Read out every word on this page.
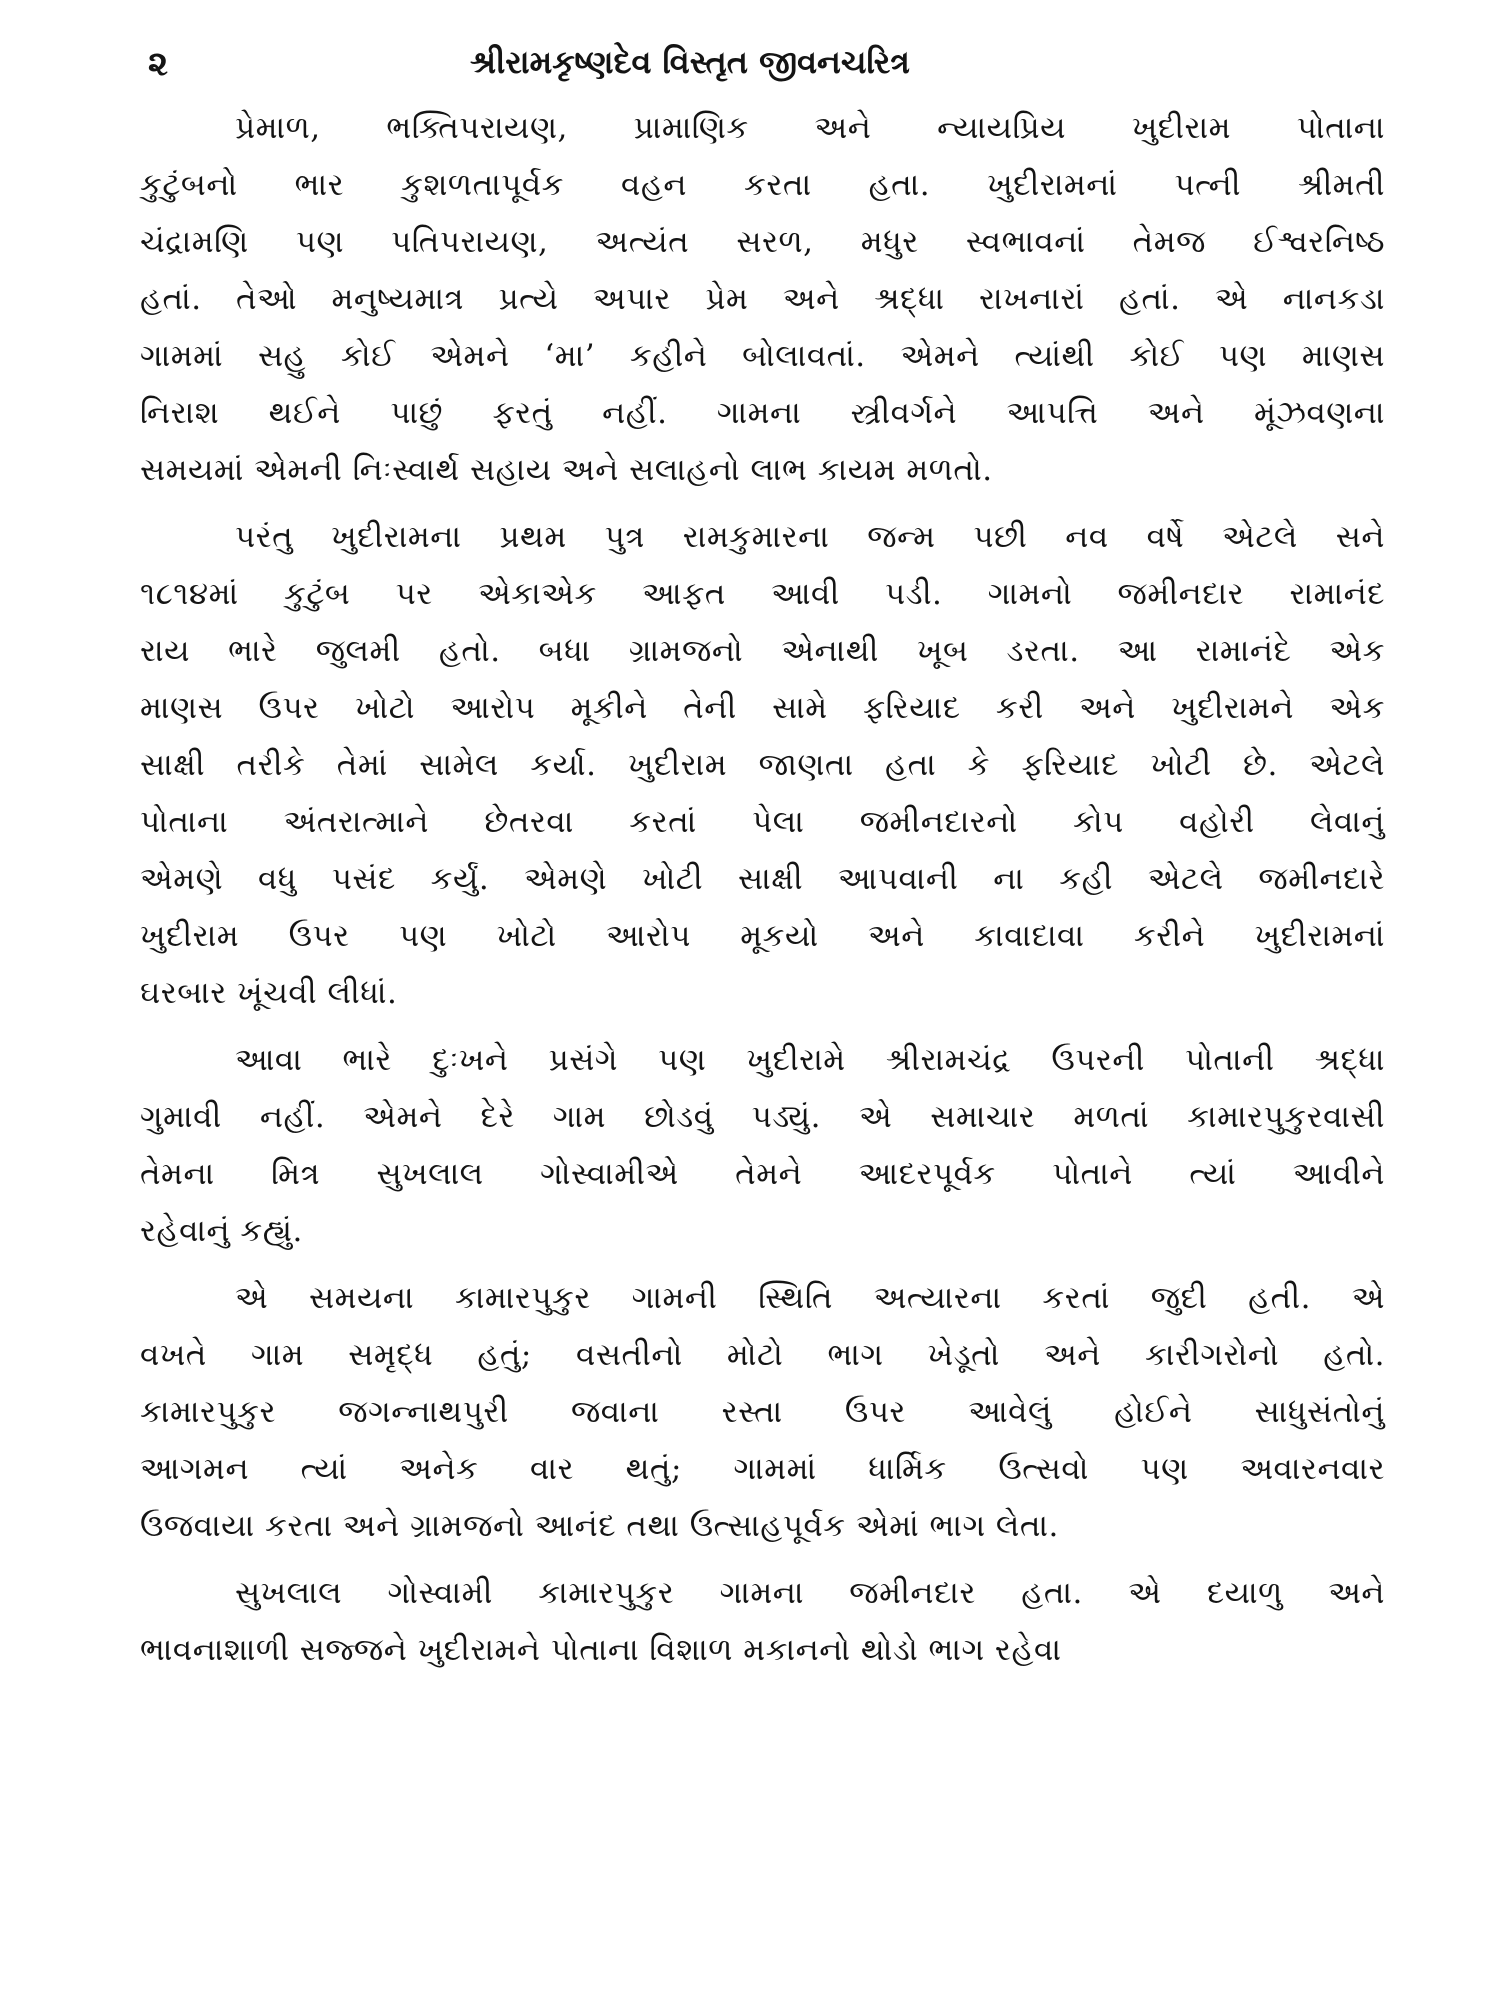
૨	શ્રીરામકૃષ્ણદેવ વિસ્તૃત જીવનચરિત્ર
પ્રેમાળ, ભક્તિપરાયણ, પ્રામાણિક અને ન્યાયપ્રિય ખુદીરામ પોતાના
કુટુંબનો ભાર કુશળતાપૂર્વક વહન કરતા હતા. ખુદીરામનાં પત્ની શ્રીમતી
ચંદ્રામણિ પણ પતિપરાયણ, અત્યંત સરળ, મધુર સ્વભાવનાં તેમજ ઈશ્વરનિષ્ઠ
હતાં. તેઓ મનુષ્યમાત્ર પ્રત્યે અપાર પ્રેમ અને શ્રદ્ધા રાખનારાં હતાં. એ નાનકડા
ગામમાં સહુ કોઈ એમને ‘મા’ કહીને બોલાવતાં. એમને ત્યાંથી કોઈ પણ માણસ
નિરાશ થઈને પાછું ફરતું નહીં. ગામના સ્ત્રીવર્ગને આપત્તિ અને મૂંઝવણના
સમયમાં એમની નિઃસ્વાર્થ સહાય અને સલાહનો લાભ કાયમ મળતો.
પરંતુ ખુદીરામના પ્રથમ પુત્ર રામકુમારના જન્મ પછી નવ વર્ષે એટલે સને
૧૮૧૪માં કુટુંબ પર એકાએક આફત આવી પડી. ગામનો જમીનદાર રામાનંદ
રાય ભારે જુલમી હતો. બધા ગ્રામજનો એનાથી ખૂબ ડરતા. આ રામાનંદે એક
માણસ ઉપર ખોટો આરોપ મૂકીને તેની સામે ફરિયાદ કરી અને ખુદીરામને એક
સાક્ષી તરીકે તેમાં સામેલ કર્યા. ખુદીરામ જાણતા હતા કે ફરિયાદ ખોટી છે. એટલે
પોતાના અંતરાત્માને છેતરવા કરતાં પેલા જમીનદારનો કોપ વહોરી લેવાનું
એમણે વધુ પસંદ કર્યું. એમણે ખોટી સાક્ષી આપવાની ના કહી એટલે જમીનદારે
ખુદીરામ ઉપર પણ ખોટો આરોપ મૂકયો અને કાવાદાવા કરીને ખુદીરામનાં
ઘરબાર ખૂંચવી લીધાં.
આવા ભારે દુઃખને પ્રસંગે પણ ખુદીરામે શ્રીરામચંદ્ર ઉપરની પોતાની શ્રદ્ધા
ગુમાવી નહીં. એમને દેરે ગામ છોડવું પડ્યું. એ સમાચાર મળતાં કામારપુકુરવાસી
તેમના મિત્ર સુખલાલ ગોસ્વામીએ તેમને આદરપૂર્વક પોતાને ત્યાં આવીને
રહેવાનું કહ્યું.
એ સમયના કામારપુકુર ગામની સ્થિતિ અત્યારના કરતાં જુદી હતી. એ
વખતે ગામ સમૃદ્ધ હતું; વસતીનો મોટો ભાગ ખેડૂતો અને કારીગરોનો હતો.
કામારપુકુર જગન્નાથપુરી જવાના રસ્તા ઉપર આવેલું હોઈને સાધુસંતોનું
આગમન ત્યાં અનેક વાર થતું; ગામમાં ધાર્મિક ઉત્સવો પણ અવારનવાર
ઉજવાયા કરતા અને ગ્રામજનો આનંદ તથા ઉત્સાહપૂર્વક એમાં ભાગ લેતા.
સુખલાલ ગોસ્વામી કામારપુકુર ગામના જમીનદાર હતા. એ દયાળુ અને
ભાવનાશાળી સજ્જને ખુદીરામને પોતાના વિશાળ મકાનનો થોડો ભાગ રહેવા
